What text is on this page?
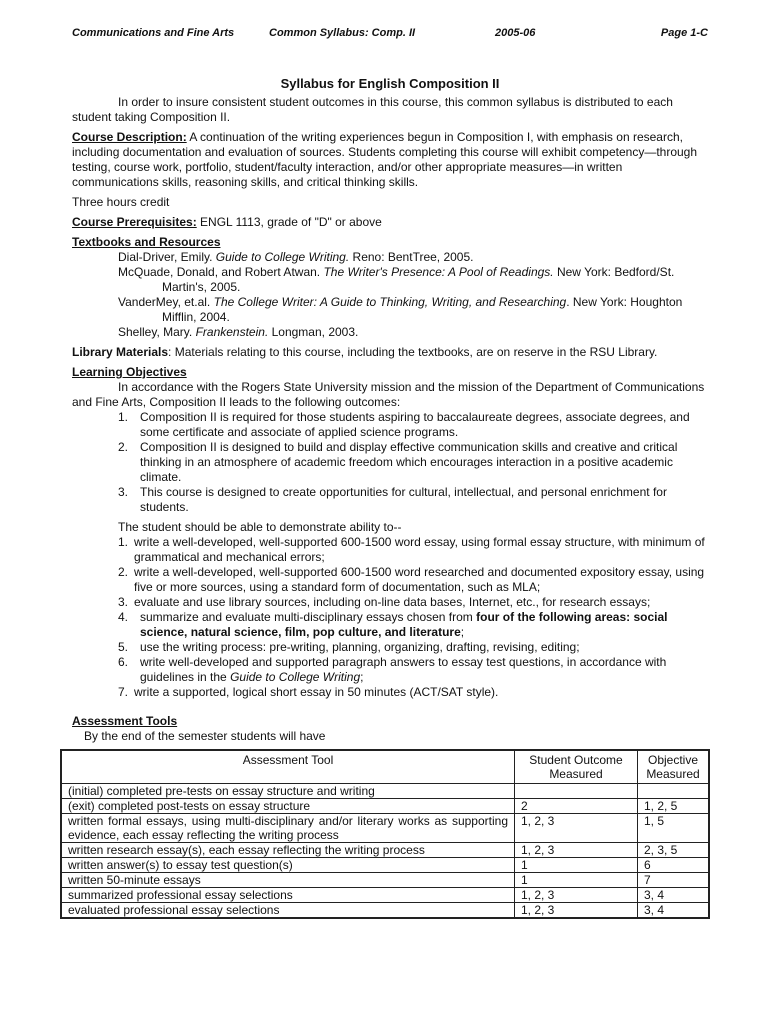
Communications and Fine Arts	Common Syllabus: Comp. II	2005-06	Page 1-C
Syllabus for English Composition II

In order to insure consistent student outcomes in this course, this common syllabus is distributed to each student taking Composition II.

Course Description: A continuation of the writing experiences begun in Composition I, with emphasis on research, including documentation and evaluation of sources. Students completing this course will exhibit competency—through testing, course work, portfolio, student/faculty interaction, and/or other appropriate measures—in written communications skills, reasoning skills, and critical thinking skills.

Three hours credit

Course Prerequisites: ENGL 1113, grade of "D" or above

Textbooks and Resources

Dial-Driver, Emily. Guide to College Writing. Reno: BentTree, 2005.

McQuade, Donald, and Robert Atwan. The Writer's Presence: A Pool of Readings. New York: Bedford/St. Martin's, 2005.

VanderMey, et.al. The College Writer: A Guide to Thinking, Writing, and Researching. New York: Houghton Mifflin, 2004.

Shelley, Mary. Frankenstein. Longman, 2003.

Library Materials: Materials relating to this course, including the textbooks, are on reserve in the RSU Library.

Learning Objectives

In accordance with the Rogers State University mission and the mission of the Department of Communications and Fine Arts, Composition II leads to the following outcomes:

1. Composition II is required for those students aspiring to baccalaureate degrees, associate degrees, and some certificate and associate of applied science programs.
2. Composition II is designed to build and display effective communication skills and creative and critical thinking in an atmosphere of academic freedom which encourages interaction in a positive academic climate.
3. This course is designed to create opportunities for cultural, intellectual, and personal enrichment for students.

The student should be able to demonstrate ability to--

1. write a well-developed, well-supported 600-1500 word essay, using formal essay structure, with minimum of grammatical and mechanical errors;
2. write a well-developed, well-supported 600-1500 word researched and documented expository essay, using five or more sources, using a standard form of documentation, such as MLA;
3. evaluate and use library sources, including on-line data bases, Internet, etc., for research essays;
4. summarize and evaluate multi-disciplinary essays chosen from four of the following areas: social science, natural science, film, pop culture, and literature;
5. use the writing process: pre-writing, planning, organizing, drafting, revising, editing;
6. write well-developed and supported paragraph answers to essay test questions, in accordance with guidelines in the Guide to College Writing;
7. write a supported, logical short essay in 50 minutes (ACT/SAT style).

Assessment Tools

By the end of the semester students will have

Assessment Tool	Student Outcome Measured	Objective Measured
(initial) completed pre-tests on essay structure and writing		
(exit) completed post-tests on essay structure	2	1, 2, 5
written formal essays, using multi-disciplinary and/or literary works as supporting evidence, each essay reflecting the writing process	1, 2, 3	1, 5
written research essay(s), each essay reflecting the writing process	1, 2, 3	2, 3, 5
written answer(s) to essay test question(s)	1	6
written 50-minute essays	1	7
summarized professional essay selections	1, 2, 3	3, 4
evaluated professional essay selections	1, 2, 3	3, 4
